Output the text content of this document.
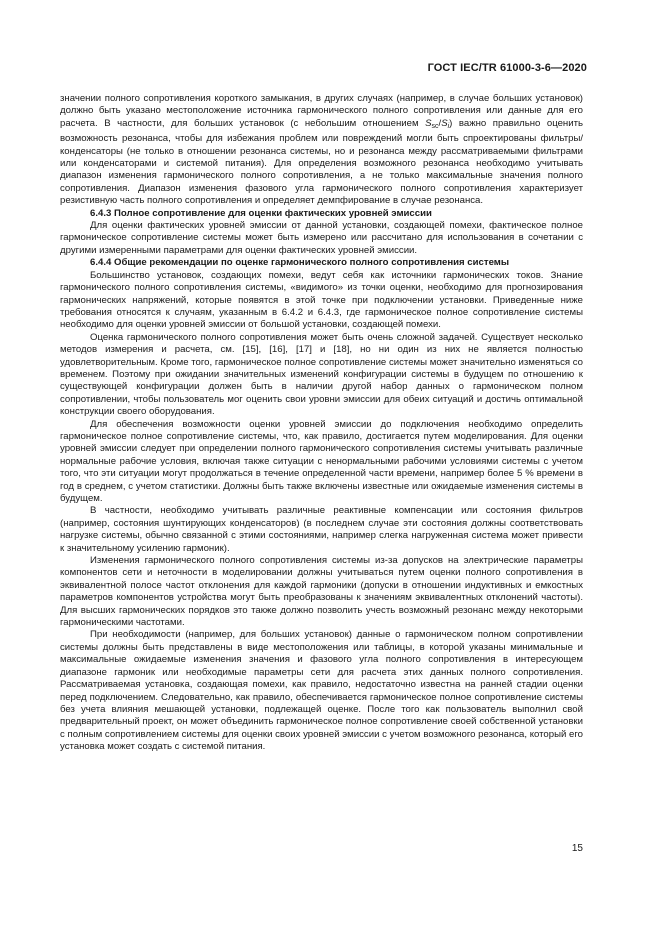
ГОСТ IEC/TR 61000-3-6—2020

значении полного сопротивления короткого замыкания, в других случаях (например, в случае больших установок) должно быть указано местоположение источника гармонического полного сопротивления или данные для его расчета. В частности, для больших установок (с небольшим отношением $S_{sc}/S_i$) важно правильно оценить возможность резонанса, чтобы для избежания проблем или повреждений могли быть спроектированы фильтры/конденсаторы (не только в отношении резонанса системы, но и резонанса между рассматриваемыми фильтрами или конденсаторами и системой питания). Для определения возможного резонанса необходимо учитывать диапазон изменения гармонического полного сопротивления, а не только максимальные значения полного сопротивления. Диапазон изменения фазового угла гармонического полного сопротивления характеризует резистивную часть полного сопротивления и определяет демпфирование в случае резонанса.

6.4.3 Полное сопротивление для оценки фактических уровней эмиссии

Для оценки фактических уровней эмиссии от данной установки, создающей помехи, фактическое полное гармоническое сопротивление системы может быть измерено или рассчитано для использования в сочетании с другими измеренными параметрами для оценки фактических уровней эмиссии.

6.4.4 Общие рекомендации по оценке гармонического полного сопротивления системы

Большинство установок, создающих помехи, ведут себя как источники гармонических токов. Знание гармонического полного сопротивления системы, «видимого» из точки оценки, необходимо для прогнозирования гармонических напряжений, которые появятся в этой точке при подключении установки. Приведенные ниже требования относятся к случаям, указанным в 6.4.2 и 6.4.3, где гармоническое полное сопротивление системы необходимо для оценки уровней эмиссии от большой установки, создающей помехи.

Оценка гармонического полного сопротивления может быть очень сложной задачей. Существует несколько методов измерения и расчета, см. [15], [16], [17] и [18], но ни один из них не является полностью удовлетворительным. Кроме того, гармоническое полное сопротивление системы может значительно изменяться со временем. Поэтому при ожидании значительных изменений конфигурации системы в будущем по отношению к существующей конфигурации должен быть в наличии другой набор данных о гармоническом полном сопротивлении, чтобы пользователь мог оценить свои уровни эмиссии для обеих ситуаций и достичь оптимальной конструкции своего оборудования.

Для обеспечения возможности оценки уровней эмиссии до подключения необходимо определить гармоническое полное сопротивление системы, что, как правило, достигается путем моделирования. Для оценки уровней эмиссии следует при определении полного гармонического сопротивления системы учитывать различные нормальные рабочие условия, включая также ситуации с ненормальными рабочими условиями системы с учетом того, что эти ситуации могут продолжаться в течение определенной части времени, например более 5 % времени в год в среднем, с учетом статистики. Должны быть также включены известные или ожидаемые изменения системы в будущем.

В частности, необходимо учитывать различные реактивные компенсации или состояния фильтров (например, состояния шунтирующих конденсаторов) (в последнем случае эти состояния должны соответствовать нагрузке системы, обычно связанной с этими состояниями, например слегка нагруженная система может привести к значительному усилению гармоник).

Изменения гармонического полного сопротивления системы из-за допусков на электрические параметры компонентов сети и неточности в моделировании должны учитываться путем оценки полного сопротивления в эквивалентной полосе частот отклонения для каждой гармоники (допуски в отношении индуктивных и емкостных параметров компонентов устройства могут быть преобразованы к значениям эквивалентных отклонений частоты). Для высших гармонических порядков это также должно позволить учесть возможный резонанс между некоторыми гармоническими частотами.

При необходимости (например, для больших установок) данные о гармоническом полном сопротивлении системы должны быть представлены в виде местоположения или таблицы, в которой указаны минимальные и максимальные ожидаемые изменения значения и фазового угла полного сопротивления в интересующем диапазоне гармоник или необходимые параметры сети для расчета этих данных полного сопротивления. Рассматриваемая установка, создающая помехи, как правило, недостаточно известна на ранней стадии оценки перед подключением. Следовательно, как правило, обеспечивается гармоническое полное сопротивление системы без учета влияния мешающей установки, подлежащей оценке. После того как пользователь выполнил свой предварительный проект, он может объединить гармоническое полное сопротивление своей собственной установки с полным сопротивлением системы для оценки своих уровней эмиссии с учетом возможного резонанса, который его установка может создать с системой питания.

15
